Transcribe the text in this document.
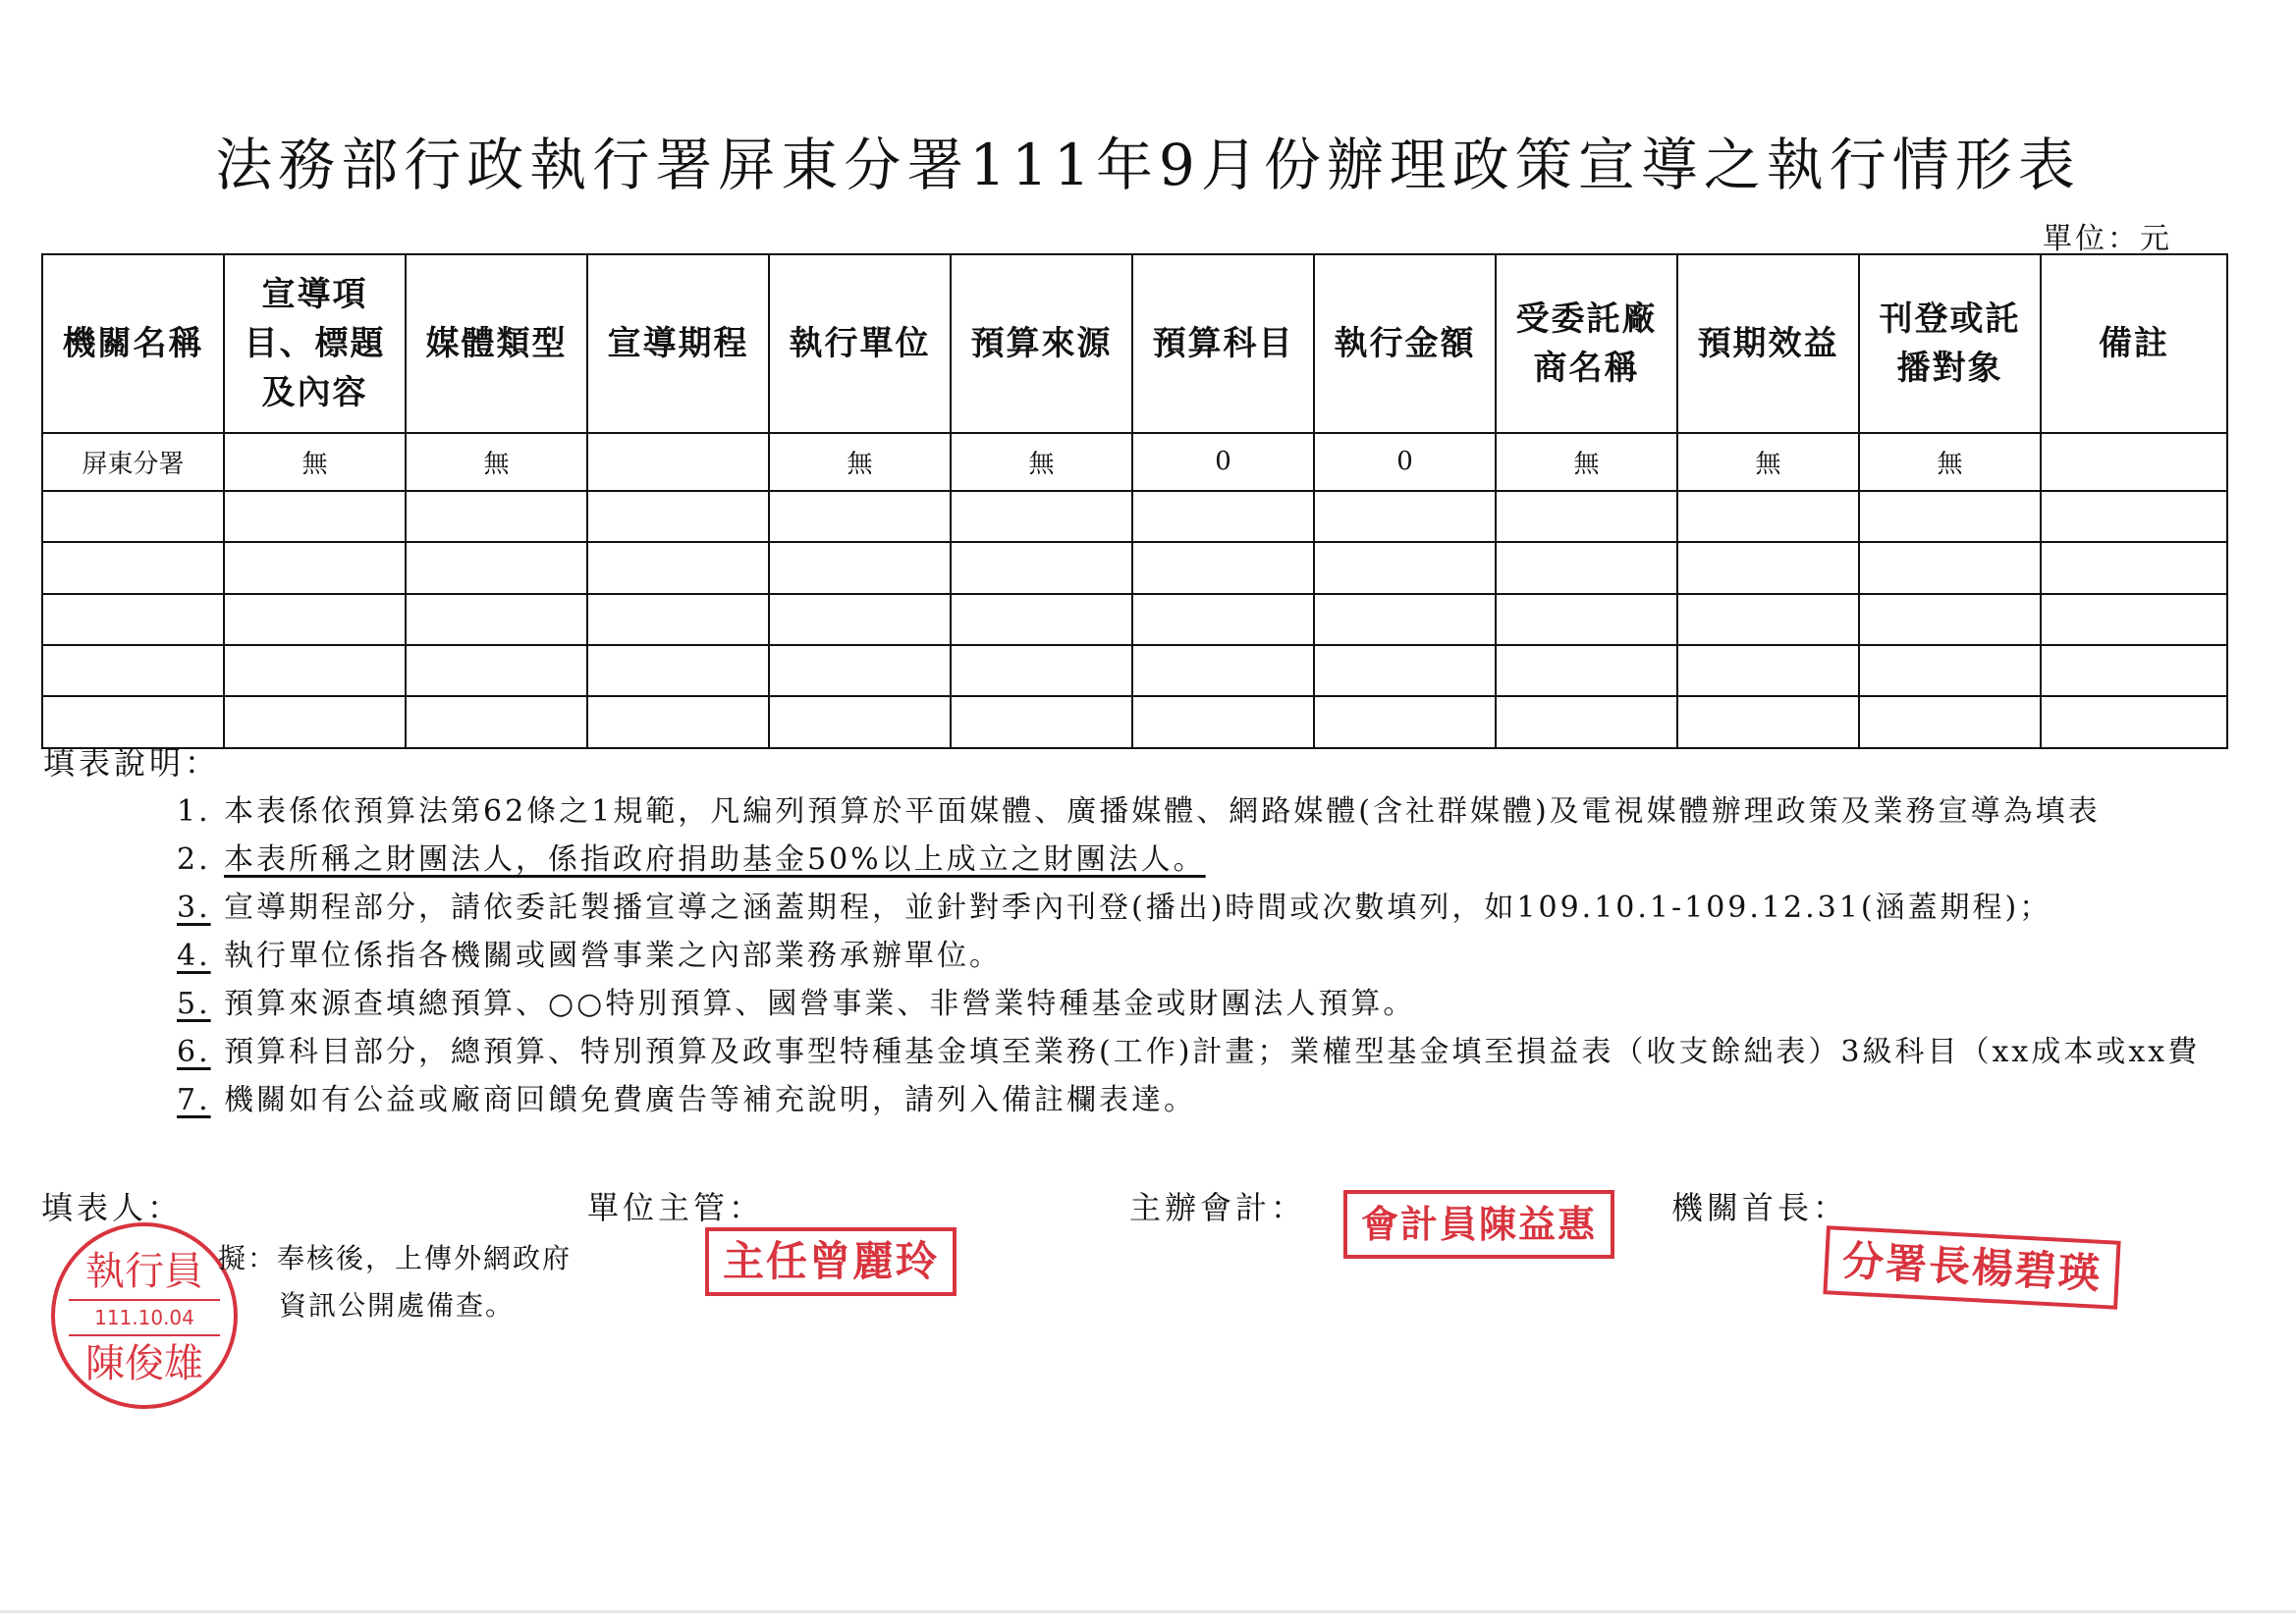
法務部行政執行署屏東分署111年9月份辦理政策宣導之執行情形表
單位：元
機關名稱	宣導項目、標題及內容	媒體類型	宣導期程	執行單位	預算來源	預算科目	執行金額	受委託廠商名稱	預期效益	刊登或託播對象	備註
屏東分署	無	無		無	無	0	0	無	無	無	

填表說明：
1. 本表係依預算法第62條之1規範，凡編列預算於平面媒體、廣播媒體、網路媒體(含社群媒體)及電視媒體辦理政策及業務宣導為填表
2. 本表所稱之財團法人，係指政府捐助基金50%以上成立之財團法人。
3. 宣導期程部分，請依委託製播宣導之涵蓋期程，並針對季內刊登(播出)時間或次數填列，如109.10.1-109.12.31(涵蓋期程)；
4. 執行單位係指各機關或國營事業之內部業務承辦單位。
5. 預算來源查填總預算、○○特別預算、國營事業、非營業特種基金或財團法人預算。
6. 預算科目部分，總預算、特別預算及政事型特種基金填至業務(工作)計畫；業權型基金填至損益表（收支餘絀表）3級科目（xx成本或xx費
7. 機關如有公益或廠商回饋免費廣告等補充說明，請列入備註欄表達。
填表人：	單位主管：	主辦會計：	機關首長：
執行員
111.10.04
陳俊雄
擬：奉核後，上傳外網政府
資訊公開處備查。
主任曾麗玲
會計員陳益惠
分署長楊碧瑛
